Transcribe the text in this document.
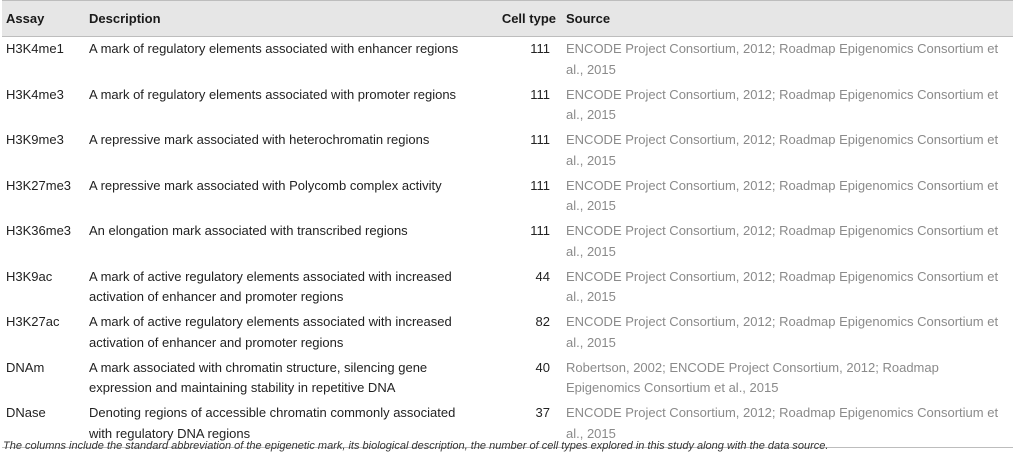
Assay	Description	Cell type	Source
H3K4me1	A mark of regulatory elements associated with enhancer regions	111	ENCODE Project Consortium, 2012; Roadmap Epigenomics Consortium et al., 2015
H3K4me3	A mark of regulatory elements associated with promoter regions	111	ENCODE Project Consortium, 2012; Roadmap Epigenomics Consortium et al., 2015
H3K9me3	A repressive mark associated with heterochromatin regions	111	ENCODE Project Consortium, 2012; Roadmap Epigenomics Consortium et al., 2015
H3K27me3	A repressive mark associated with Polycomb complex activity	111	ENCODE Project Consortium, 2012; Roadmap Epigenomics Consortium et al., 2015
H3K36me3	An elongation mark associated with transcribed regions	111	ENCODE Project Consortium, 2012; Roadmap Epigenomics Consortium et al., 2015
H3K9ac	A mark of active regulatory elements associated with increased activation of enhancer and promoter regions	44	ENCODE Project Consortium, 2012; Roadmap Epigenomics Consortium et al., 2015
H3K27ac	A mark of active regulatory elements associated with increased activation of enhancer and promoter regions	82	ENCODE Project Consortium, 2012; Roadmap Epigenomics Consortium et al., 2015
DNAm	A mark associated with chromatin structure, silencing gene expression and maintaining stability in repetitive DNA	40	Robertson, 2002; ENCODE Project Consortium, 2012; Roadmap Epigenomics Consortium et al., 2015
DNase	Denoting regions of accessible chromatin commonly associated with regulatory DNA regions	37	ENCODE Project Consortium, 2012; Roadmap Epigenomics Consortium et al., 2015
The columns include the standard abbreviation of the epigenetic mark, its biological description, the number of cell types explored in this study along with the data source.
